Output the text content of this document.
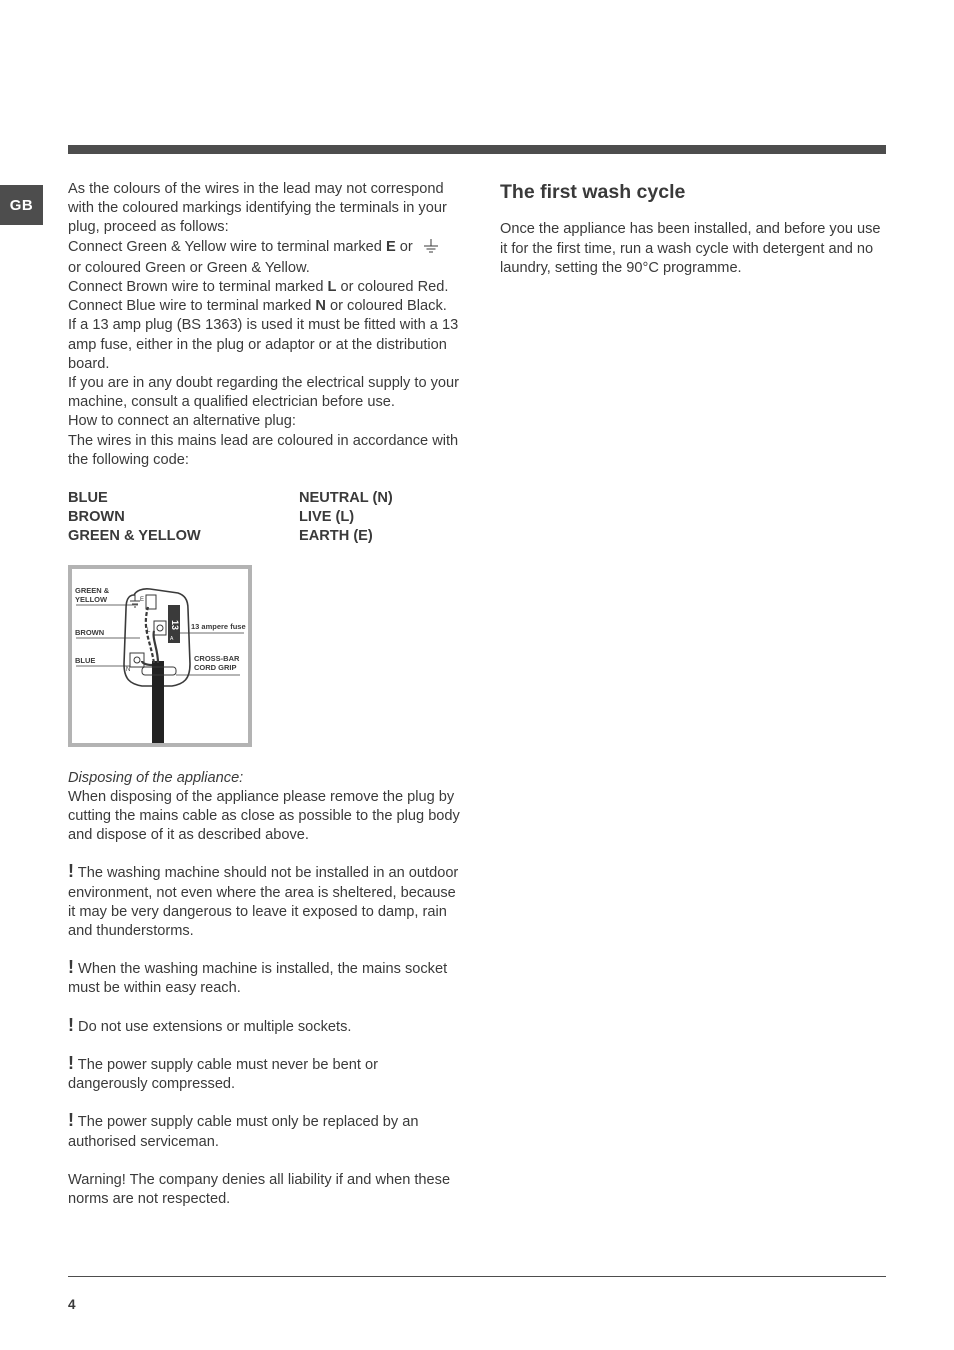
GB

As the colours of the wires in the lead may not correspond with the coloured markings identifying the terminals in your plug, proceed as follows:

Connect Green & Yellow wire to terminal marked E or
or coloured Green or Green & Yellow.

Connect Brown wire to terminal marked L or coloured Red.

Connect Blue wire to terminal marked N or coloured Black.

If a 13 amp plug (BS 1363) is used it must be fitted with a 13 amp fuse, either in the plug or adaptor or at the distribution board.

If you are in any doubt regarding the electrical supply to your machine, consult a qualified electrician before use.

How to connect an alternative plug:

The wires in this mains lead are coloured in accordance with the following code:

BLUE	NEUTRAL (N)
BROWN	LIVE (L)
GREEN & YELLOW	EARTH (E)
GREEN &
YELLOW
BROWN
BLUE
13 ampere fuse
CROSS-BAR
CORD GRIP
13
A
E
L
N

Disposing of the appliance:

When disposing of the appliance please remove the plug by cutting the mains cable as close as possible to the plug body and dispose of it as described above.

! The washing machine should not be installed in an outdoor environment, not even where the area is sheltered, because it may be very dangerous to leave it exposed to damp, rain and thunderstorms.

! When the washing machine is installed, the mains socket must be within easy reach.

! Do not use extensions or multiple sockets.

! The power supply cable must never be bent or dangerously compressed.

! The power supply cable must only be replaced by an authorised serviceman.

Warning! The company denies all liability if and when these norms are not respected.

The first wash cycle

Once the appliance has been installed, and before you use it for the first time, run a wash cycle with detergent and no laundry, setting the 90°C programme.

4
